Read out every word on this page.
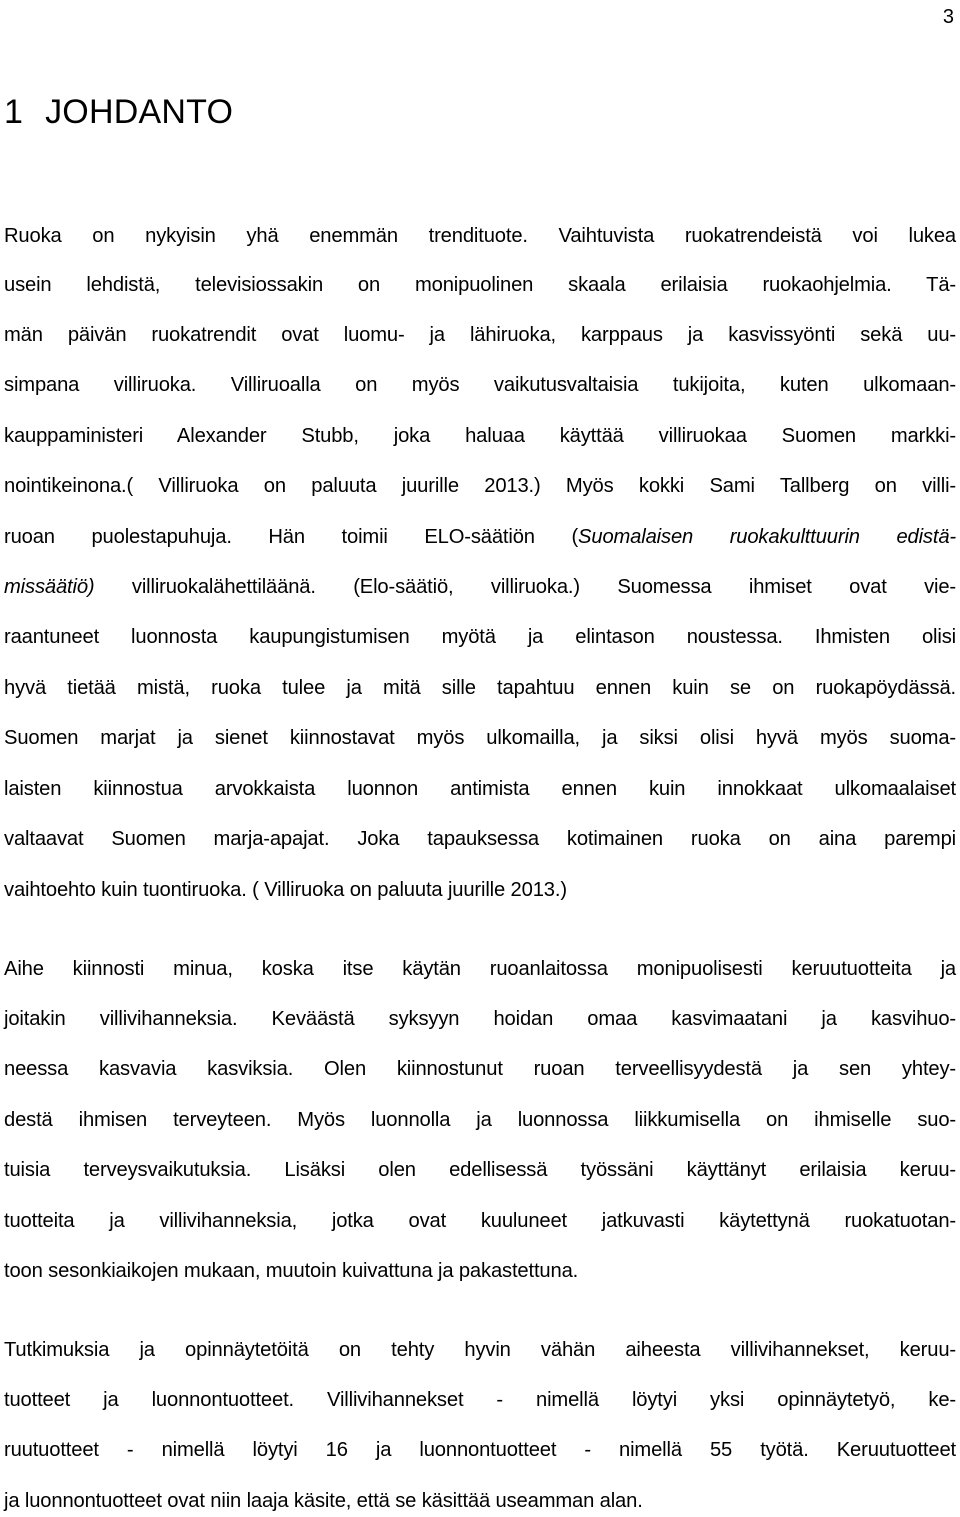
3
1 JOHDANTO
Ruoka on nykyisin yhä enemmän trendituote. Vaihtuvista ruokatrendeistä voi lukea
usein lehdistä, televisiossakin on monipuolinen skaala erilaisia ruokaohjelmia. Tä-
män päivän ruokatrendit ovat luomu- ja lähiruoka, karppaus ja kasvissyönti sekä uu-
simpana villiruoka. Villiruoalla on myös vaikutusvaltaisia tukijoita, kuten ulkomaan-
kauppaministeri Alexander Stubb, joka haluaa käyttää villiruokaa Suomen markki-
nointikeinona.( Villiruoka on paluuta juurille 2013.) Myös kokki Sami Tallberg on villi-
ruoan puolestapuhuja. Hän toimii ELO-säätiön (Suomalaisen ruokakulttuurin edistä-
missäätiö) villiruokalähettiläänä. (Elo-säätiö, villiruoka.) Suomessa ihmiset ovat vie-
raantuneet luonnosta kaupungistumisen myötä ja elintason noustessa. Ihmisten olisi
hyvä tietää mistä, ruoka tulee ja mitä sille tapahtuu ennen kuin se on ruokapöydässä.
Suomen marjat ja sienet kiinnostavat myös ulkomailla, ja siksi olisi hyvä myös suoma-
laisten kiinnostua arvokkaista luonnon antimista ennen kuin innokkaat ulkomaalaiset
valtaavat Suomen marja-apajat. Joka tapauksessa kotimainen ruoka on aina parempi
vaihtoehto kuin tuontiruoka. ( Villiruoka on paluuta juurille 2013.)
Aihe kiinnosti minua, koska itse käytän ruoanlaitossa monipuolisesti keruutuotteita ja
joitakin villivihanneksia. Keväästä syksyyn hoidan omaa kasvimaatani ja kasvihuo-
neessa kasvavia kasviksia. Olen kiinnostunut ruoan terveellisyydestä ja sen yhtey-
destä ihmisen terveyteen. Myös luonnolla ja luonnossa liikkumisella on ihmiselle suo-
tuisia terveysvaikutuksia. Lisäksi olen edellisessä työssäni käyttänyt erilaisia keruu-
tuotteita ja villivihanneksia, jotka ovat kuuluneet jatkuvasti käytettynä ruokatuotan-
toon sesonkiaikojen mukaan, muutoin kuivattuna ja pakastettuna.
Tutkimuksia ja opinnäytetöitä on tehty hyvin vähän aiheesta villivihannekset, keruu-
tuotteet ja luonnontuotteet. Villivihannekset - nimellä löytyi yksi opinnäytetyö, ke-
ruutuotteet - nimellä löytyi 16 ja luonnontuotteet - nimellä 55 työtä. Keruutuotteet
ja luonnontuotteet ovat niin laaja käsite, että se käsittää useamman alan.
